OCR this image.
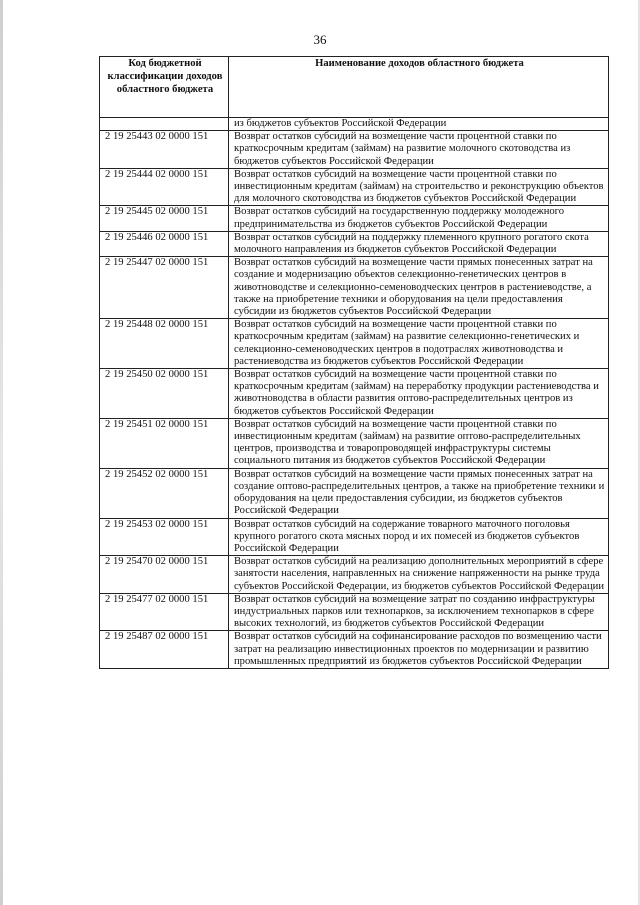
36
Код бюджетной классификации доходов областного бюджета	Наименование доходов областного бюджета
	из бюджетов субъектов Российской Федерации
2 19 25443 02 0000 151	Возврат остатков субсидий на возмещение части процентной ставки по краткосрочным кредитам (займам) на развитие молочного скотоводства из бюджетов субъектов Российской Федерации
2 19 25444 02 0000 151	Возврат остатков субсидий на возмещение части процентной ставки по инвестиционным кредитам (займам) на строительство и реконструкцию объектов для молочного скотоводства из бюджетов субъектов Российской Федерации
2 19 25445 02 0000 151	Возврат остатков субсидий на государственную поддержку молодежного предпринимательства из бюджетов субъектов Российской Федерации
2 19 25446 02 0000 151	Возврат остатков субсидий на поддержку племенного крупного рогатого скота молочного направления из бюджетов субъектов Российской Федерации
2 19 25447 02 0000 151	Возврат остатков субсидий на возмещение части прямых понесенных затрат на создание и модернизацию объектов селекционно-генетических центров в животноводстве и селекционно-семеноводческих центров в растениеводстве, а также на приобретение техники и оборудования на цели предоставления субсидии из бюджетов субъектов Российской Федерации
2 19 25448 02 0000 151	Возврат остатков субсидий на возмещение части процентной ставки по краткосрочным кредитам (займам) на развитие селекционно-генетических и селекционно-семеноводческих центров в подотраслях животноводства и растениеводства из бюджетов субъектов Российской Федерации
2 19 25450 02 0000 151	Возврат остатков субсидий на возмещение части процентной ставки по краткосрочным кредитам (займам) на переработку продукции растениеводства и животноводства в области развития оптово-распределительных центров из бюджетов субъектов Российской Федерации
2 19 25451 02 0000 151	Возврат остатков субсидий на возмещение части процентной ставки по инвестиционным кредитам (займам) на развитие оптово-распределительных центров, производства и товаропроводящей инфраструктуры системы социального питания из бюджетов субъектов Российской Федерации
2 19 25452 02 0000 151	Возврат остатков субсидий на возмещение части прямых понесенных затрат на создание оптово-распределительных центров, а также на приобретение техники и оборудования на цели предоставления субсидии, из бюджетов субъектов Российской Федерации
2 19 25453 02 0000 151	Возврат остатков субсидий на содержание товарного маточного поголовья крупного рогатого скота мясных пород и их помесей из бюджетов субъектов Российской Федерации
2 19 25470 02 0000 151	Возврат остатков субсидий на реализацию дополнительных мероприятий в сфере занятости населения, направленных на снижение напряженности на рынке труда субъектов Российской Федерации, из бюджетов субъектов Российской Федерации
2 19 25477 02 0000 151	Возврат остатков субсидий на возмещение затрат по созданию инфраструктуры индустриальных парков или технопарков, за исключением технопарков в сфере высоких технологий, из бюджетов субъектов Российской Федерации
2 19 25487 02 0000 151	Возврат остатков субсидий на софинансирование расходов по возмещению части затрат на реализацию инвестиционных проектов по модернизации и развитию промышленных предприятий из бюджетов субъектов Российской Федерации
